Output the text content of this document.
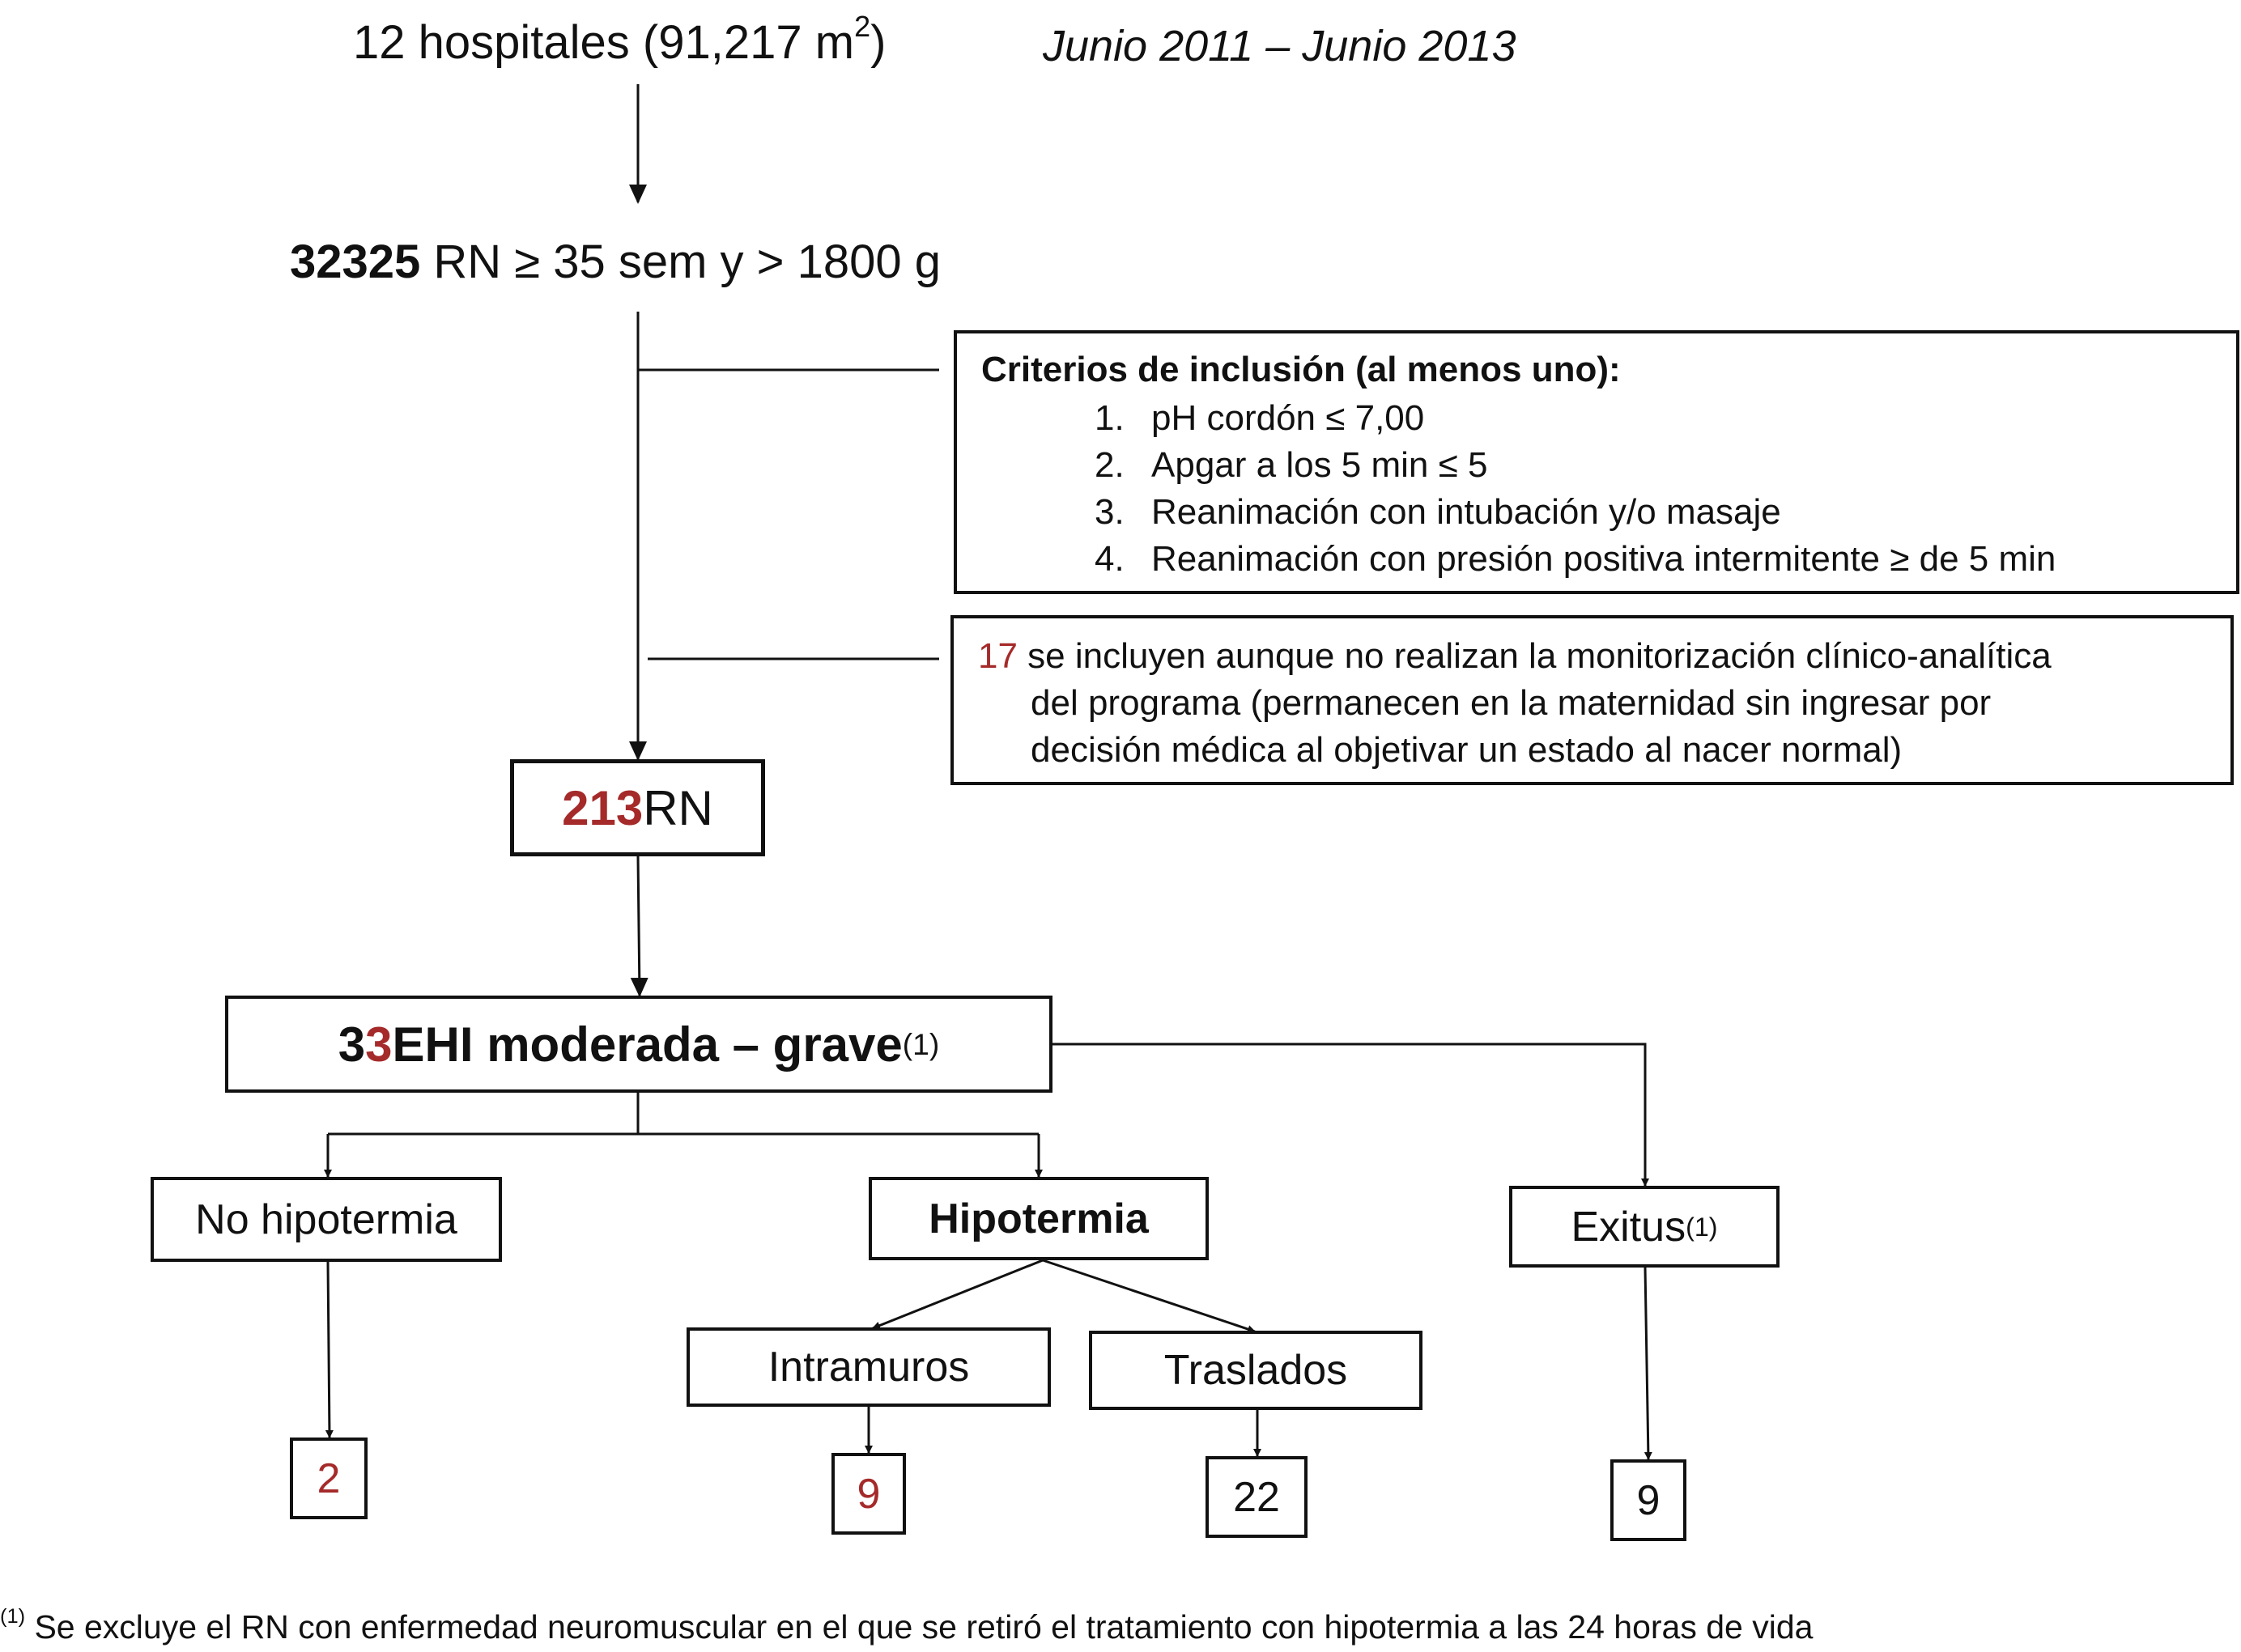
12 hospitales (91,217 $m^2$)	Junio 2011 – Junio 2013
32325 RN ≥ 35 sem y > 1800 g
Criterios de inclusión (al menos uno):
1. pH cordón ≤ 7,00
2. Apgar a los 5 min ≤ 5
3. Reanimación con intubación y/o masaje
4. Reanimación con presión positiva intermitente ≥ de 5 min
17 se incluyen aunque no realizan la monitorización clínico-analítica
del programa (permanecen en la maternidad sin ingresar por
decisión médica al objetivar un estado al nacer normal)
213 RN
3 3 EHI moderada – grave (1)
No hipotermia	Hipotermia	Exitus (1)
Intramuros	Traslados
2	9	22	9
$^{(1)}$ Se excluye el RN con enfermedad neuromuscular en el que se retiró el tratamiento con hipotermia a las 24 horas de vida
